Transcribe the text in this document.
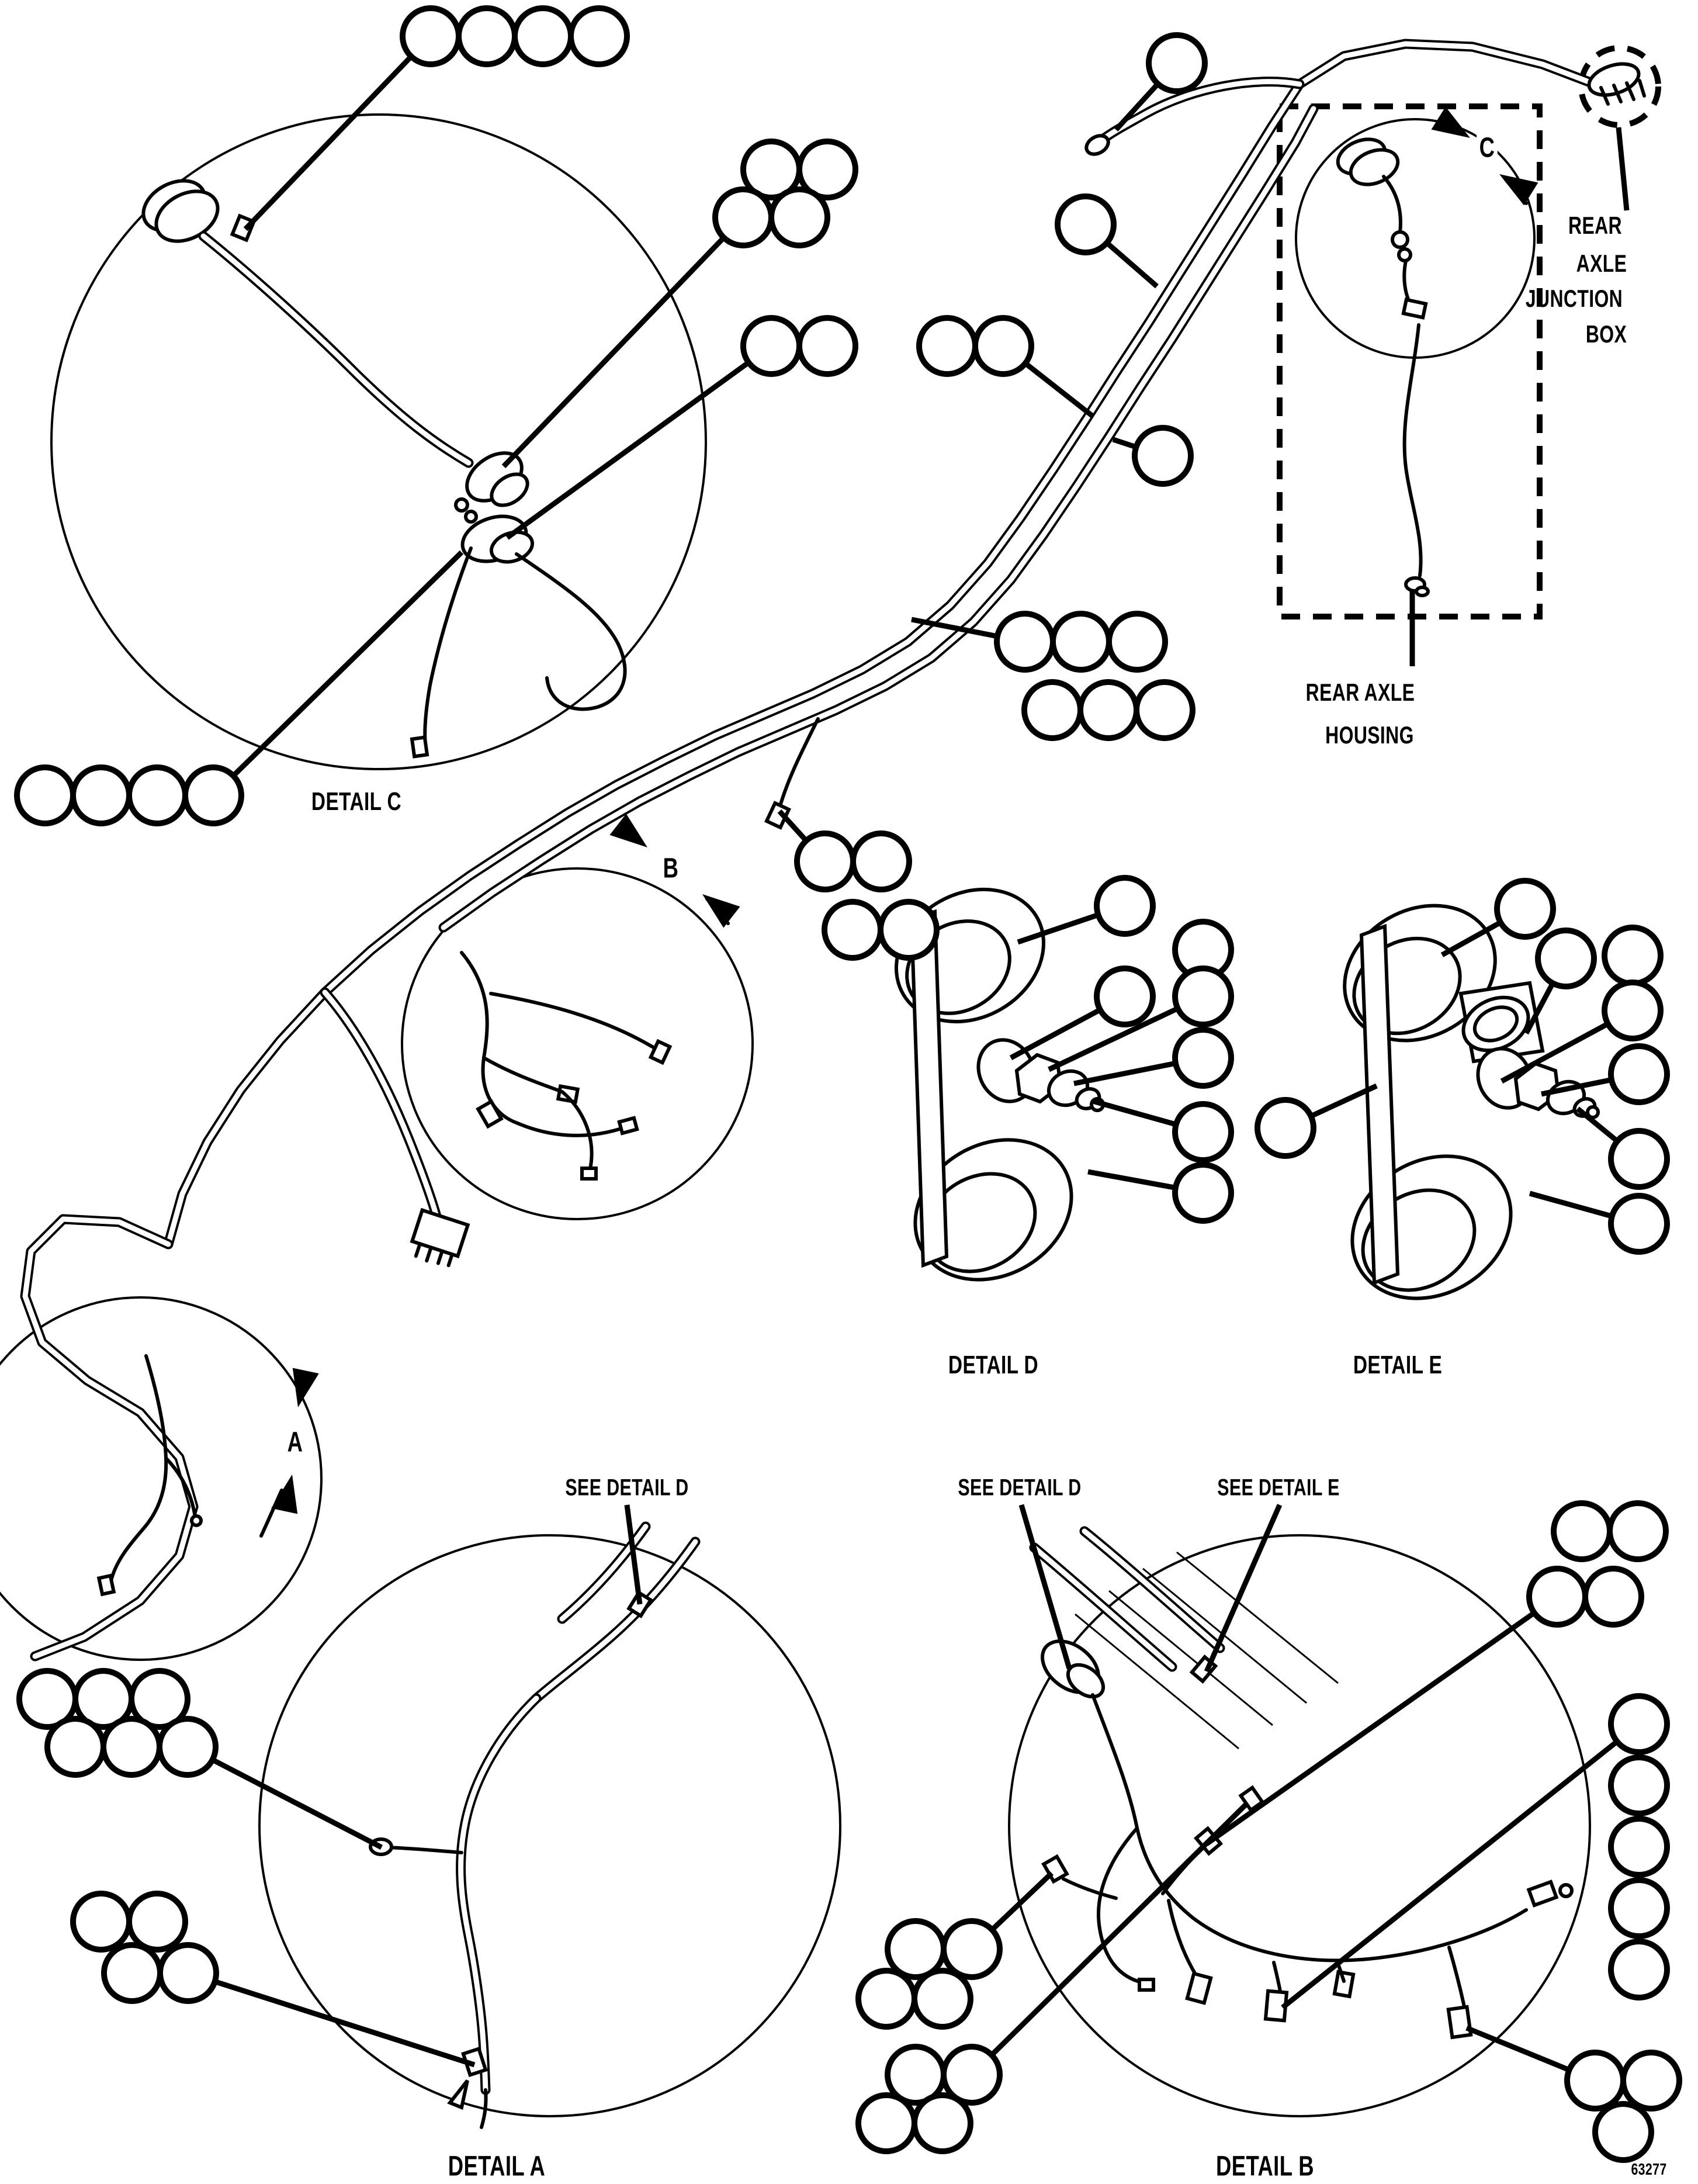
REAR
AXLE
JUNCTION
BOX
REAR AXLE
HOUSING
DETAIL C
DETAIL D	DETAIL E
SEE DETAIL D	SEE DETAIL D	SEE DETAIL E
DETAIL A	DETAIL B	63277
A
B
C
